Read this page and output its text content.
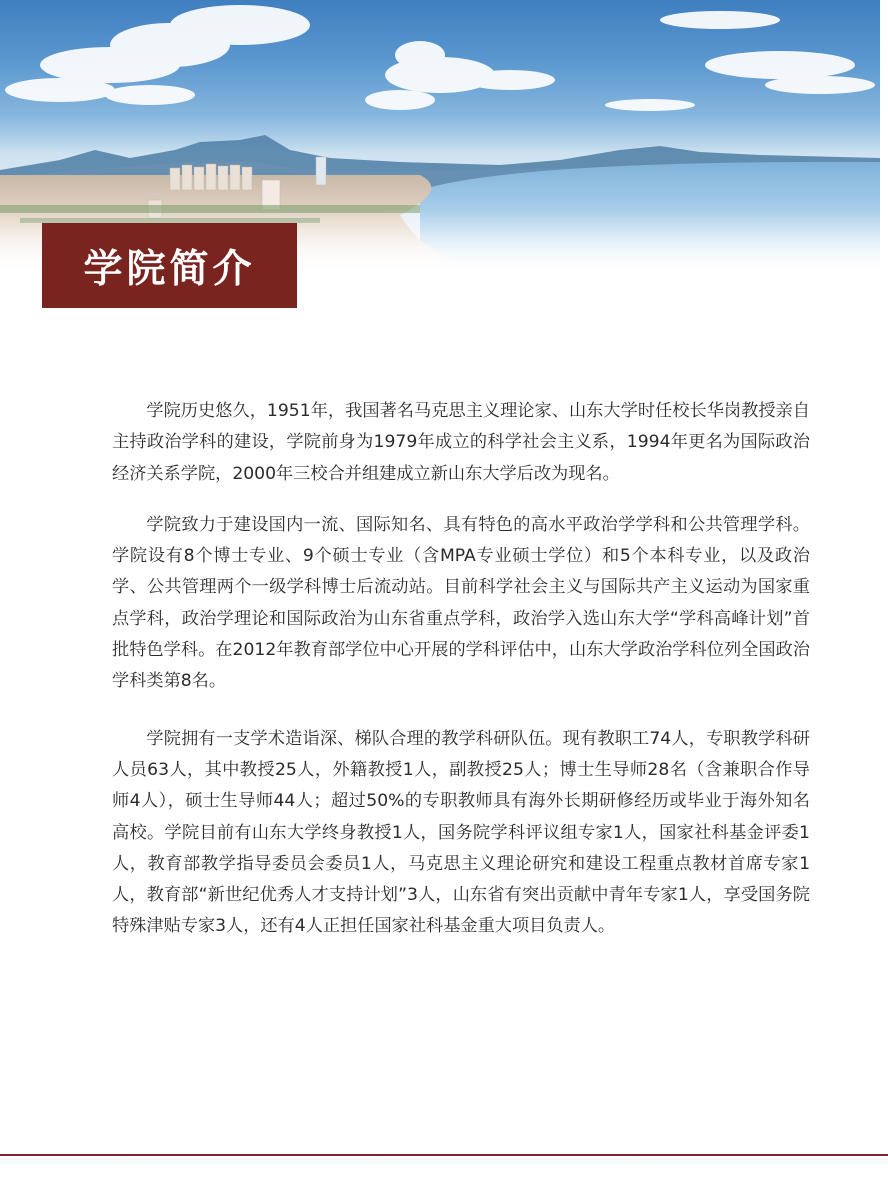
学院简介

学院历史悠久，1951年，我国著名马克思主义理论家、山东大学时任校长华岗教授亲自主持政治学科的建设，学院前身为1979年成立的科学社会主义系，1994年更名为国际政治经济关系学院，2000年三校合并组建成立新山东大学后改为现名。

学院致力于建设国内一流、国际知名、具有特色的高水平政治学学科和公共管理学科。学院设有8个博士专业、9个硕士专业（含MPA专业硕士学位）和5个本科专业，以及政治学、公共管理两个一级学科博士后流动站。目前科学社会主义与国际共产主义运动为国家重点学科，政治学理论和国际政治为山东省重点学科，政治学入选山东大学“学科高峰计划”首批特色学科。在2012年教育部学位中心开展的学科评估中，山东大学政治学科位列全国政治学科类第8名。

学院拥有一支学术造诣深、梯队合理的教学科研队伍。现有教职工74人，专职教学科研人员63人，其中教授25人，外籍教授1人，副教授25人；博士生导师28名（含兼职合作导师4人），硕士生导师44人；超过50%的专职教师具有海外长期研修经历或毕业于海外知名高校。学院目前有山东大学终身教授1人，国务院学科评议组专家1人，国家社科基金评委1人，教育部教学指导委员会委员1人，马克思主义理论研究和建设工程重点教材首席专家1人，教育部“新世纪优秀人才支持计划”3人，山东省有突出贡献中青年专家1人，享受国务院特殊津贴专家3人，还有4人正担任国家社科基金重大项目负责人。
